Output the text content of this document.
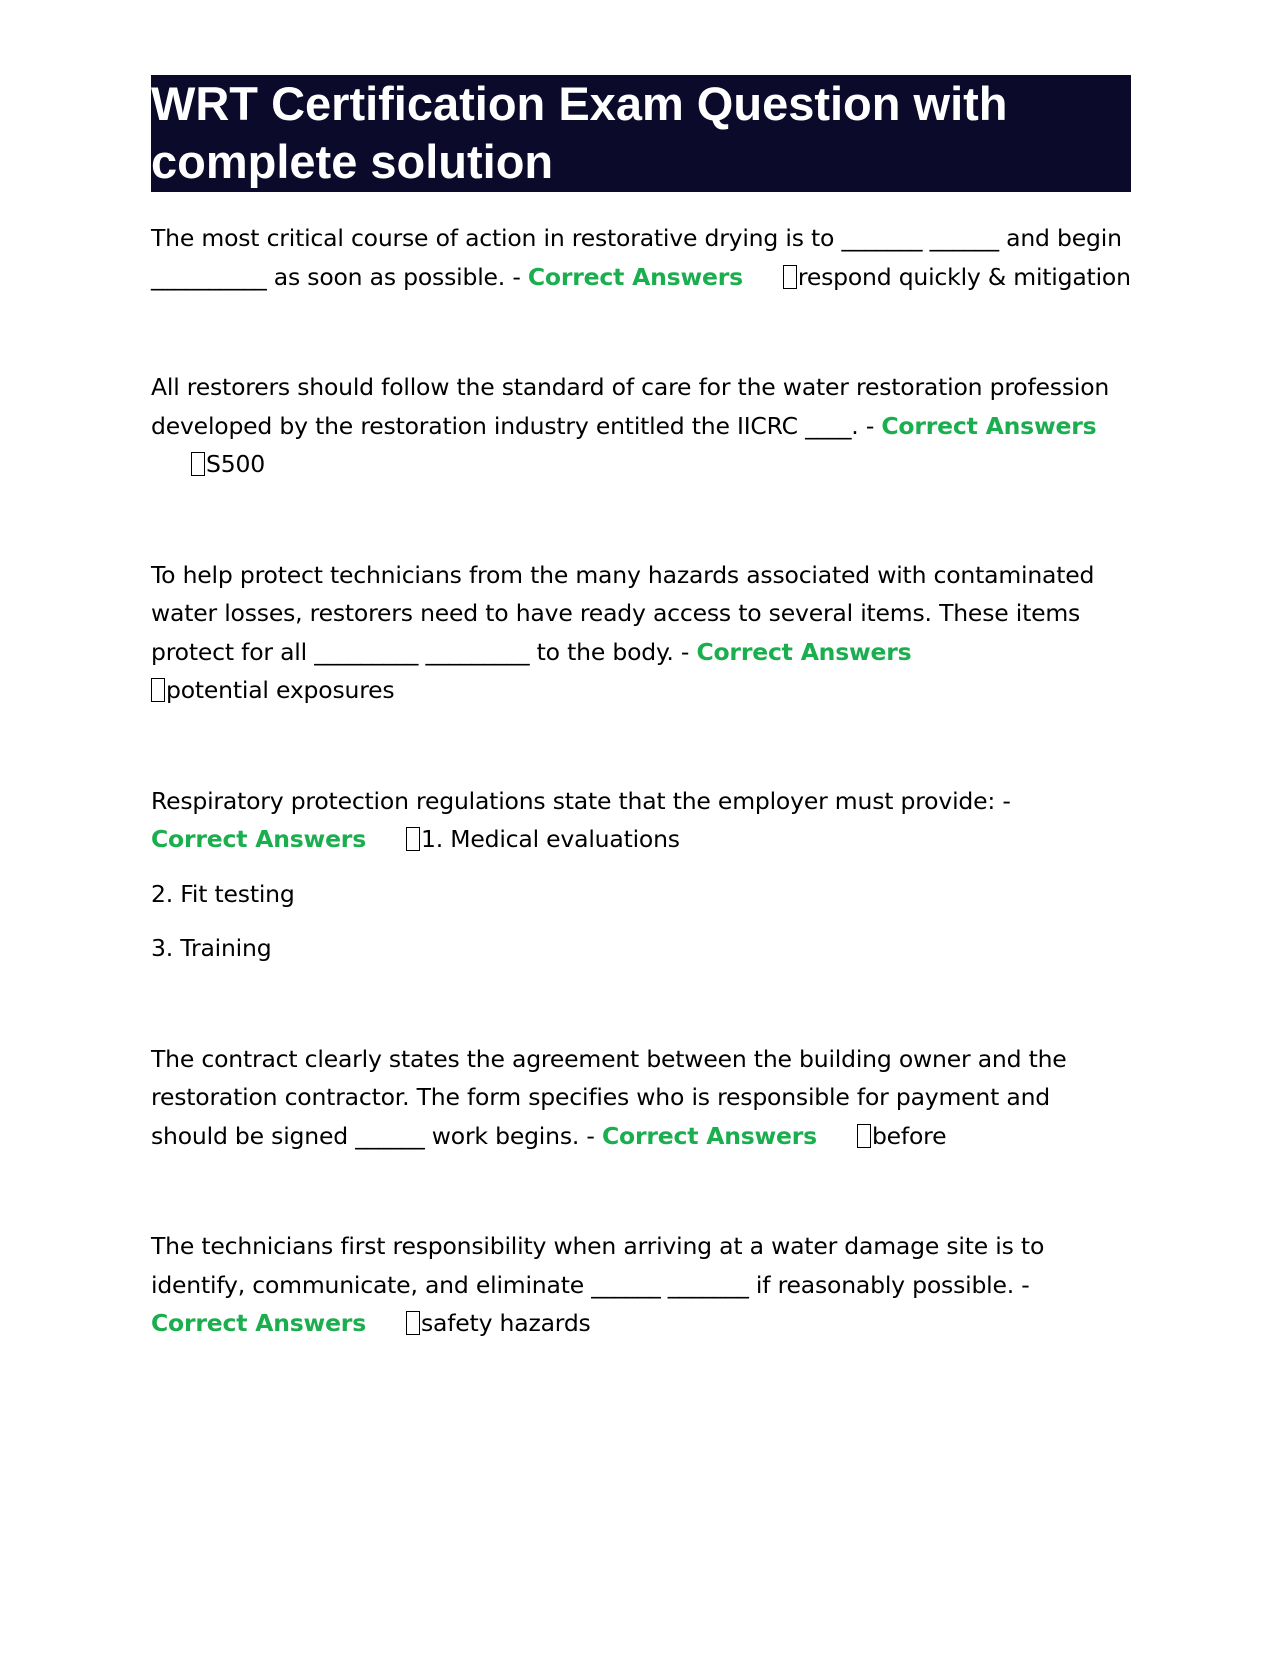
WRT Certification Exam Question with complete solution

The most critical course of action in restorative drying is to _______ ______ and begin __________ as soon as possible. - Correct Answers respond quickly & mitigation

All restorers should follow the standard of care for the water restoration profession developed by the restoration industry entitled the IICRC ____. - Correct AnswersS500

To help protect technicians from the many hazards associated with contaminated water losses, restorers need to have ready access to several items. These items protect for all _________ _________ to the body. - Correct Answers
potential exposures

Respiratory protection regulations state that the employer must provide: -
Correct Answers 1. Medical evaluations

2. Fit testing

3. Training

The contract clearly states the agreement between the building owner and the restoration contractor. The form specifies who is responsible for payment and should be signed ______ work begins. - Correct Answers before

The technicians first responsibility when arriving at a water damage site is to identify, communicate, and eliminate ______ _______ if reasonably possible. -
Correct Answers safety hazards
